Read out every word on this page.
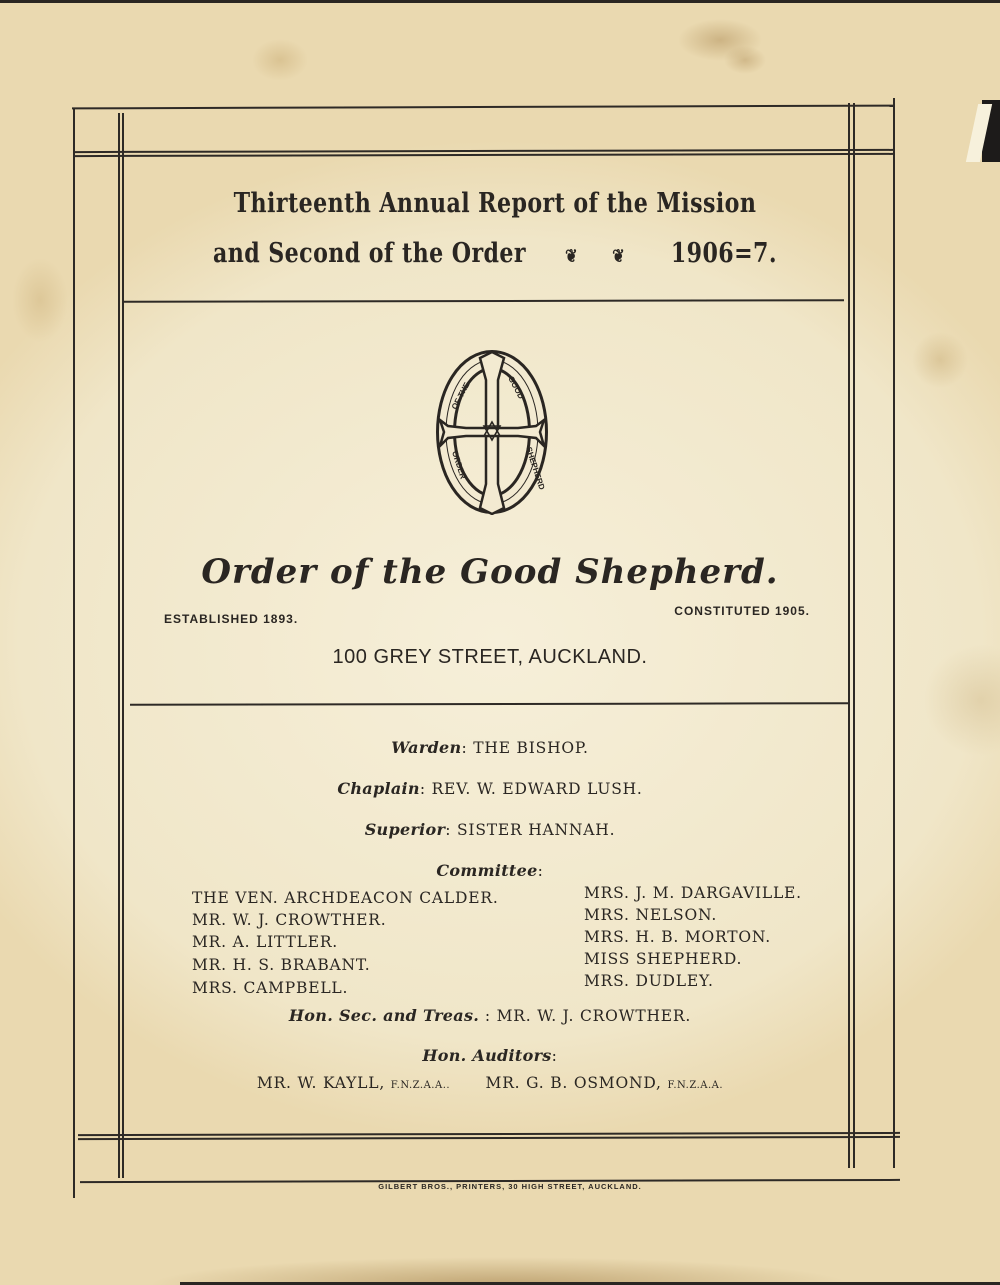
Thirteenth Annual Report of the Mission
and Second of the Order ❦ ❦ 1906=7.
OF THE	GOOD
ORDER	SHEPHERD
Order of the Good Shepherd.
ESTABLISHED 1893.
CONSTITUTED 1905.
100 GREY STREET, AUCKLAND.
Warden: THE BISHOP.
Chaplain: REV. W. EDWARD LUSH.
Superior: SISTER HANNAH.
Committee:
THE VEN. ARCHDEACON CALDER.
MR. W. J. CROWTHER.
MR. A. LITTLER.
MR. H. S. BRABANT.
MRS. CAMPBELL.
MRS. J. M. DARGAVILLE.
MRS. NELSON.
MRS. H. B. MORTON.
MISS SHEPHERD.
MRS. DUDLEY.
Hon. Sec. and Treas. : MR. W. J. CROWTHER.
Hon. Auditors:
MR. W. KAYLL, F.N.Z.A.A.. MR. G. B. OSMOND, F.N.Z.A.A.
GILBERT BROS., PRINTERS, 30 HIGH STREET, AUCKLAND.
